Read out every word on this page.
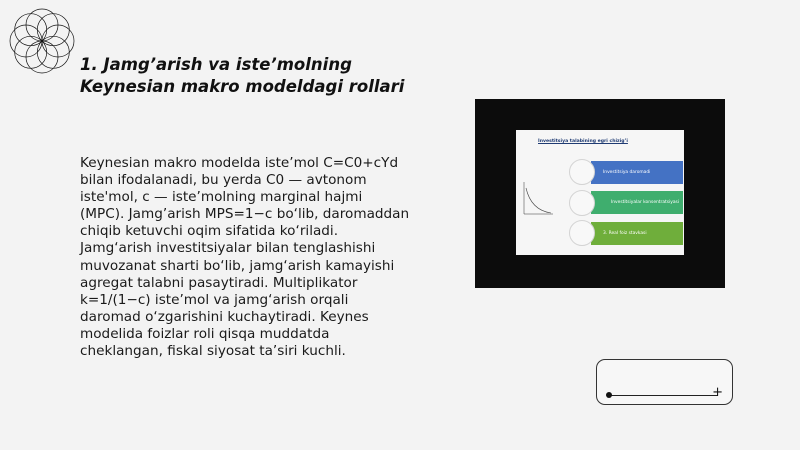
1. Jamg’arish va iste’molning
Keynesian makro modeldagi rollari

Keynesian makro modelda iste’mol C=C0+cYd bilan ifodalanadi, bu yerda C0 — avtonom iste'mol, c — iste’molning marginal hajmi (MPC). Jamg’arish MPS=1−c bo‘lib, daromaddan chiqib ketuvchi oqim sifatida ko‘riladi. Jamg‘arish investitsiyalar bilan tenglashishi muvozanat sharti bo‘lib, jamg‘arish kamayishi agregat talabni pasaytiradi. Multiplikator k=1/(1−c) iste’mol va jamg‘arish orqali daromad o‘zgarishini kuchaytiradi. Keynes modelida foizlar roli qisqa muddatda cheklangan, fiskal siyosat ta’siri kuchli.

Investitsiya talabining egri chizig’i
Investitsiya daromadi
Investitsiyalar konsentratsiyasi
3. Real foiz stavkasi
+
